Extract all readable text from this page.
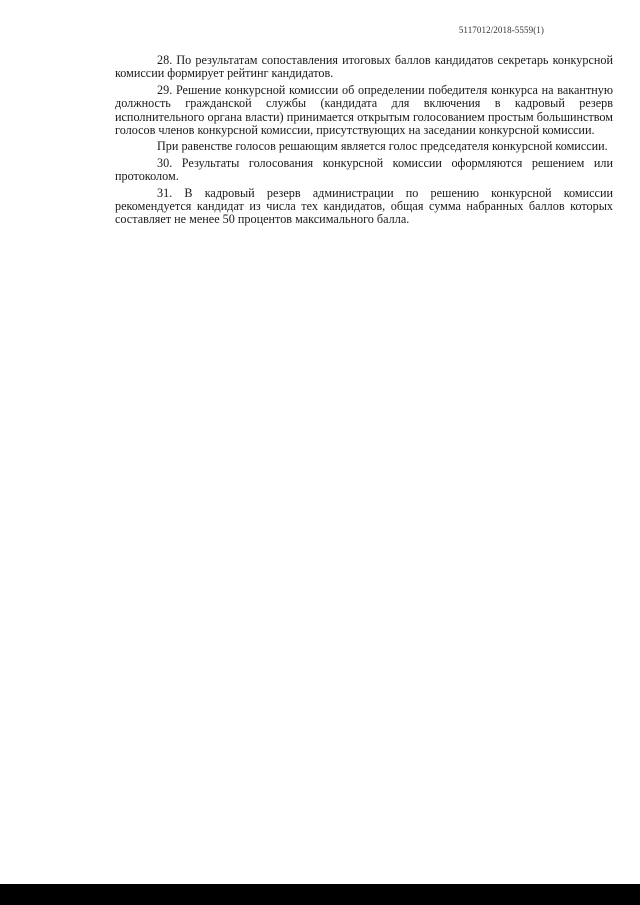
5117012/2018-5559(1)

28. По результатам сопоставления итоговых баллов кандидатов секретарь конкурсной комиссии формирует рейтинг кандидатов.

29. Решение конкурсной комиссии об определении победителя конкурса на вакантную должность гражданской службы (кандидата для включения в кадровый резерв исполнительного органа власти) принимается открытым голосованием простым большинством голосов членов конкурсной комиссии, присутствующих на заседании конкурсной комиссии.

При равенстве голосов решающим является голос председателя конкурсной комиссии.

30. Результаты голосования конкурсной комиссии оформляются решением или протоколом.

31. В кадровый резерв администрации по решению конкурсной комиссии рекомендуется кандидат из числа тех кандидатов, общая сумма набранных баллов которых составляет не менее 50 процентов максимального балла.
